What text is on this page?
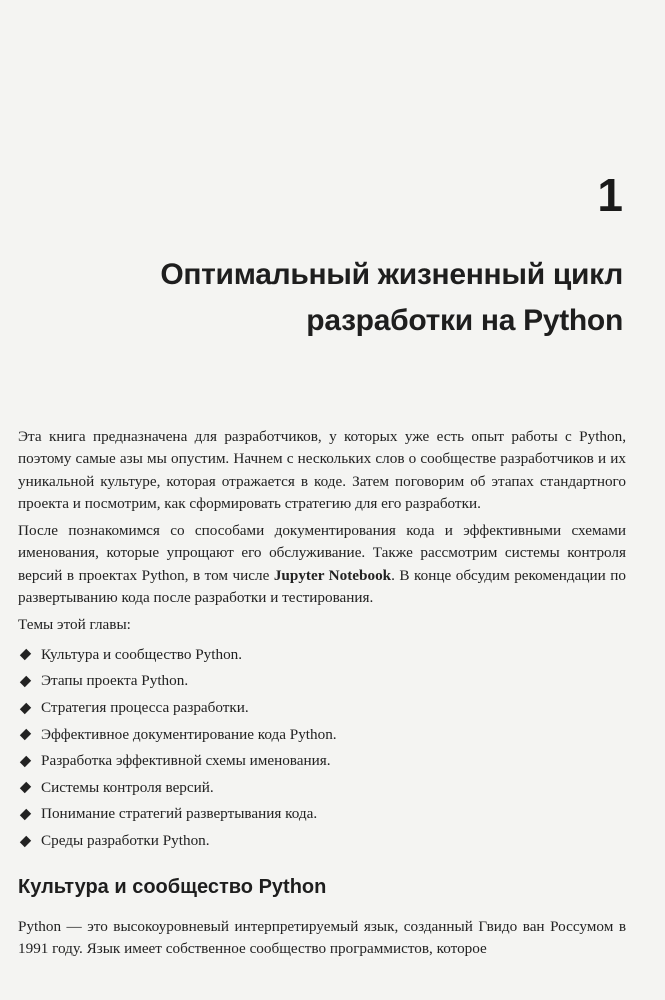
1
Оптимальный жизненный цикл
разработки на Python

Эта книга предназначена для разработчиков, у которых уже есть опыт работы с Python, поэтому самые азы мы опустим. Начнем с нескольких слов о сообществе разработчиков и их уникальной культуре, которая отражается в коде. Затем поговорим об этапах стандартного проекта и посмотрим, как сформировать стратегию для его разработки.

После познакомимся со способами документирования кода и эффективными схемами именования, которые упрощают его обслуживание. Также рассмотрим системы контроля версий в проектах Python, в том числе Jupyter Notebook. В конце обсудим рекомендации по развертыванию кода после разработки и тестирования.

Темы этой главы:

Культура и сообщество Python.
Этапы проекта Python.
Стратегия процесса разработки.
Эффективное документирование кода Python.
Разработка эффективной схемы именования.
Системы контроля версий.
Понимание стратегий развертывания кода.
Среды разработки Python.
Культура и сообщество Python

Python — это высокоуровневый интерпретируемый язык, созданный Гвидо ван Россумом в 1991 году. Язык имеет собственное сообщество программистов, которое
